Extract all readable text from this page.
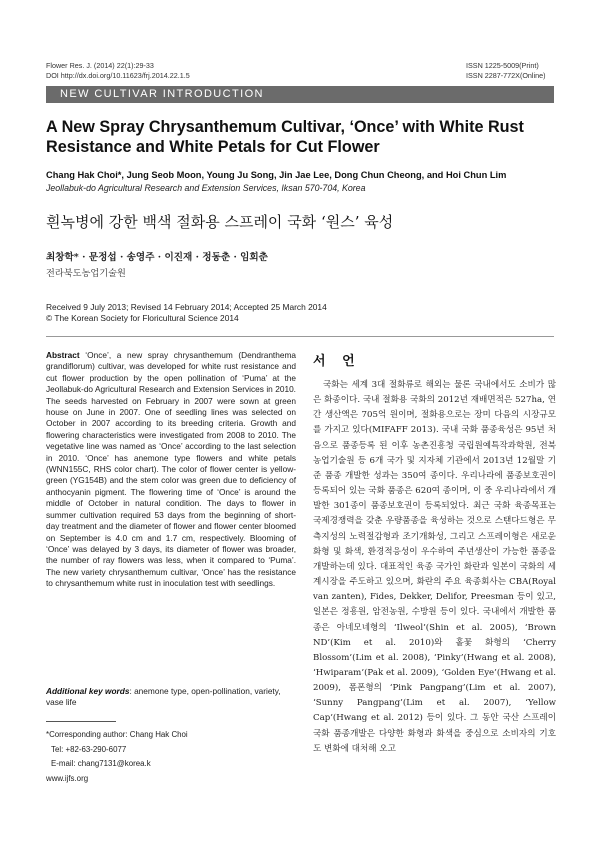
Flower Res. J. (2014) 22(1):29-33
DOI http://dx.doi.org/10.11623/frj.2014.22.1.5
ISSN 1225-5009(Print)
ISSN 2287-772X(Online)
NEW CULTIVAR INTRODUCTION
A New Spray Chrysanthemum Cultivar, ‘Once’ with White Rust Resistance and White Petals for Cut Flower
Chang Hak Choi*, Jung Seob Moon, Young Ju Song, Jin Jae Lee, Dong Chun Cheong, and Hoi Chun Lim
Jeollabuk-do Agricultural Research and Extension Services, Iksan 570-704, Korea
흰녹병에 강한 백색 절화용 스프레이 국화 ‘원스’ 육성
최창학* · 문정섭 · 송영주 · 이진재 · 정동춘 · 임회춘
전라북도농업기술원
Received 9 July 2013; Revised 14 February 2014; Accepted 25 March 2014
© The Korean Society for Floricultural Science 2014
Abstract ‘Once’, a new spray chrysanthemum (Dendranthema grandiflorum) cultivar, was developed for white rust resistance and cut flower production by the open pollination of ‘Puma’ at the Jeollabuk-do Agricultural Research and Extension Services in 2010. The seeds harvested on February in 2007 were sown at green house on June in 2007. One of seedling lines was selected on October in 2007 according to its breeding criteria. Growth and flowering characteristics were investigated from 2008 to 2010. The vegetative line was named as ‘Once’ according to the last selection in 2010. ‘Once’ has anemone type flowers and white petals (WNN155C, RHS color chart). The color of flower center is yellow-green (YG154B) and the stem color was green due to deficiency of anthocyanin pigment. The flowering time of ‘Once’ is around the middle of October in natural condition. The days to flower in summer cultivation required 53 days from the beginning of short-day treatment and the diameter of flower and flower center bloomed on September is 4.0 cm and 1.7 cm, respectively. Blooming of ‘Once’ was delayed by 3 days, its diameter of flower was broader, the number of ray flowers was less, when it compared to ‘Puma’. The new variety chrysanthemum cultivar, ‘Once’ has the resistance to chrysanthemum white rust in inoculation test with seedlings.
Additional key words: anemone type, open-pollination, variety, vase life
*Corresponding author: Chang Hak Choi
Tel: +82-63-290-6077
E-mail: chang7131@korea.k
www.ijfs.org
서 언
국화는 세계 3대 절화류로 해외는 물론 국내에서도 소비가 많은 화종이다. 국내 절화용 국화의 2012년 재배면적은 527ha, 연간 생산액은 705억 원이며, 절화용으로는 장미 다음의 시장규모를 가지고 있다(MIFAFF 2013). 국내 국화 품종육성은 95년 처음으로 품종등록 된 이후 농촌진흥청 국립원예특작과학원, 전북농업기술원 등 6개 국가 및 지자체 기관에서 2013년 12월말 기준 품종 개발한 성과는 350여 종이다. 우리나라에 품종보호권이 등록되어 있는 국화 품종은 620여 종이며, 이 중 우리나라에서 개발한 301종이 품종보호권이 등록되었다. 최근 국화 육종목표는 국제경쟁력을 갖춘 우량품종을 육성하는 것으로 스탠다드형은 무측지성의 노력절감형과 조기개화성, 그리고 스프레이형은 새로운 화형 및 화색, 환경적응성이 우수하여 주년생산이 가능한 품종을 개발하는데 있다. 대표적인 육종 국가인 화란과 일본이 국화의 세계시장을 주도하고 있으며, 화란의 주요 육종회사는 CBA(Royal van zanten), Fides, Dekker, Delifor, Preesman 등이 있고, 일본은 정흥원, 암전농원, 수방원 등이 있다. 국내에서 개발한 품종은 아네모네형의 ‘Ilweol’(Shin et al. 2005), ‘Brown ND’(Kim et al. 2010)와 홑꽃 화형의 ‘Cherry Blossom’(Lim et al. 2008), ‘Pinky’(Hwang et al. 2008), ‘Hwiparam’(Pak et al. 2009), ‘Golden Eye’(Hwang et al. 2009), 폼폰형의 ‘Pink Pangpang’(Lim et al. 2007), ‘Sunny Pangpang’(Lim et al. 2007), ‘Yellow Cap’(Hwang et al. 2012) 등이 있다. 그 동안 국산 스프레이 국화 품종개발은 다양한 화형과 화색을 중심으로 소비자의 기호도 변화에 대처해 오고
